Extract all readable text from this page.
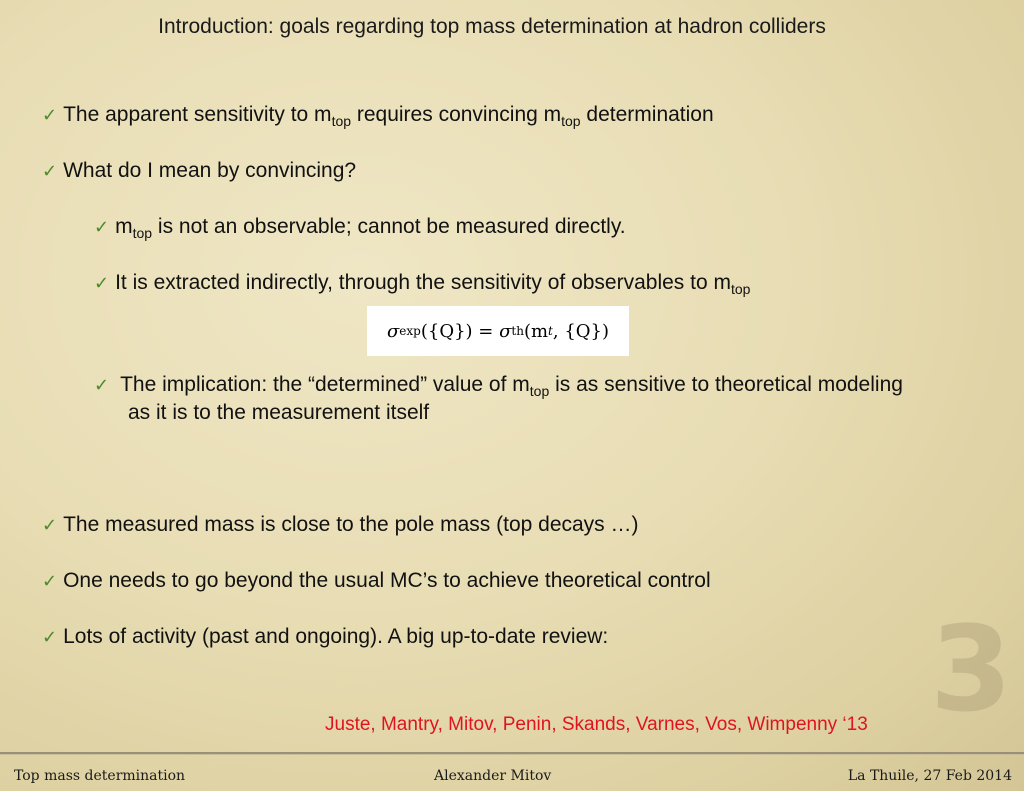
Introduction: goals regarding top mass determination at hadron colliders
✓ The apparent sensitivity to $m_{top}$ requires convincing $m_{top}$ determination
✓ What do I mean by convincing?
✓ $m_{top}$ is not an observable; cannot be measured directly.
✓ It is extracted indirectly, through the sensitivity of observables to $m_{top}$
σ exp ({Q}) = σ th (m t , {Q})
✓ The implication: the “determined” value of $m_{top}$ is as sensitive to theoretical modeling
as it is to the measurement itself
✓ The measured mass is close to the pole mass (top decays …)
✓ One needs to go beyond the usual MC’s to achieve theoretical control
✓ Lots of activity (past and ongoing). A big up-to-date review:	3
Juste, Mantry, Mitov, Penin, Skands, Varnes, Vos, Wimpenny ‘13
Top mass determination	Alexander Mitov	La Thuile, 27 Feb 2014
